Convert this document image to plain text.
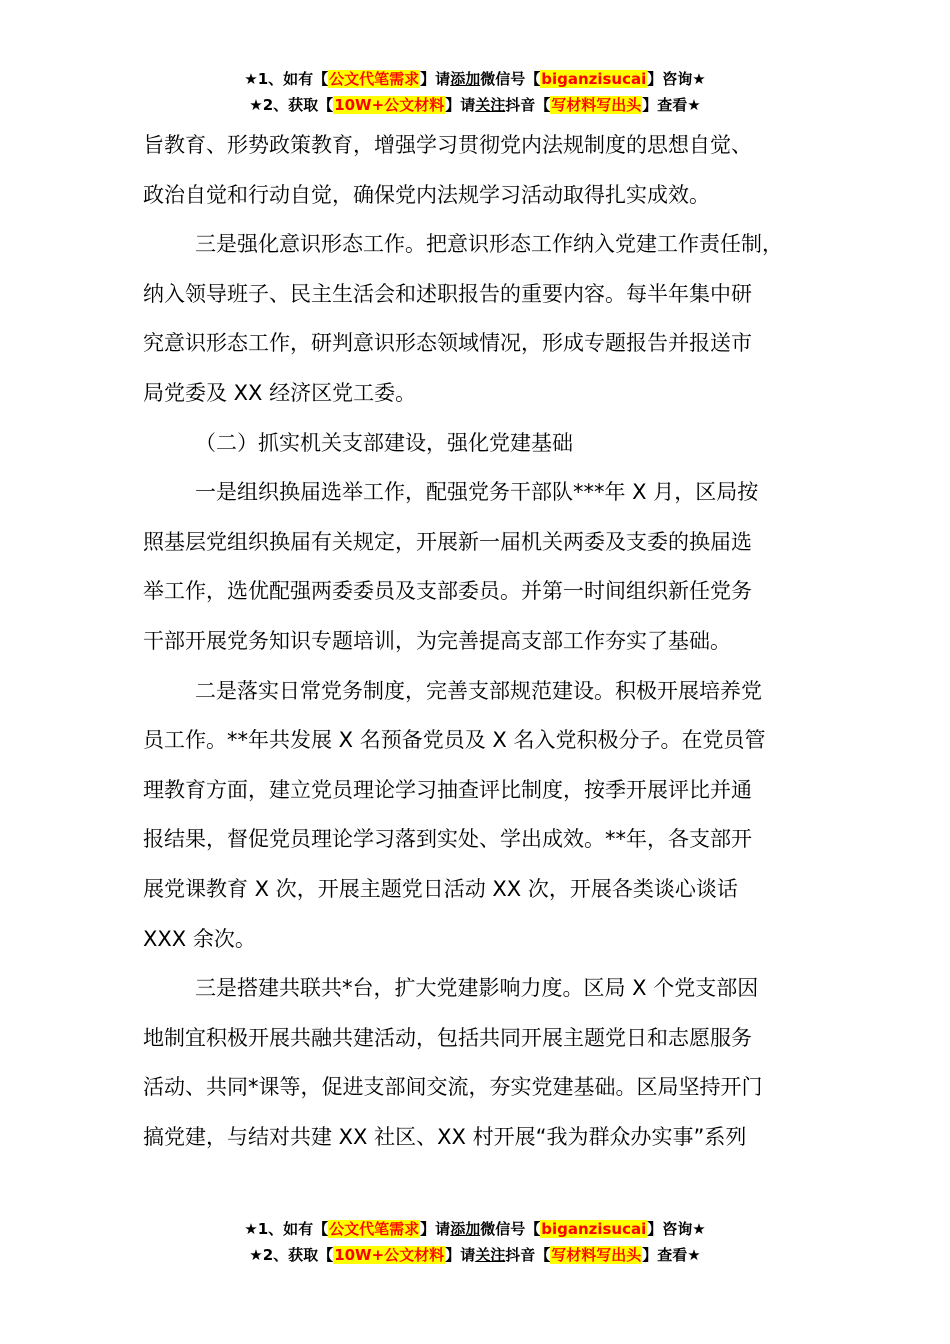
★1、如有【公文代笔需求】请添加微信号【biganzisucai】咨询★
★2、获取【10W+公文材料】请关注抖音【写材料写出头】查看★

旨教育、形势政策教育，增强学习贯彻党内法规制度的思想自觉、

政治自觉和行动自觉，确保党内法规学习活动取得扎实成效。

三是强化意识形态工作。把意识形态工作纳入党建工作责任制，

纳入领导班子、民主生活会和述职报告的重要内容。每半年集中研

究意识形态工作，研判意识形态领域情况，形成专题报告并报送市

局党委及 XX 经济区党工委。

（二）抓实机关支部建设，强化党建基础

一是组织换届选举工作，配强党务干部队***年 X 月，区局按

照基层党组织换届有关规定，开展新一届机关两委及支委的换届选

举工作，选优配强两委委员及支部委员。并第一时间组织新任党务

干部开展党务知识专题培训，为完善提高支部工作夯实了基础。

二是落实日常党务制度，完善支部规范建设。积极开展培养党

员工作。**年共发展 X 名预备党员及 X 名入党积极分子。在党员管

理教育方面，建立党员理论学习抽查评比制度，按季开展评比并通

报结果，督促党员理论学习落到实处、学出成效。**年，各支部开

展党课教育 X 次，开展主题党日活动 XX 次，开展各类谈心谈话

XXX 余次。

三是搭建共联共*台，扩大党建影响力度。区局 X 个党支部因

地制宜积极开展共融共建活动，包括共同开展主题党日和志愿服务

活动、共同*课等，促进支部间交流，夯实党建基础。区局坚持开门

搞党建，与结对共建 XX 社区、XX 村开展“我为群众办实事”系列

★1、如有【公文代笔需求】请添加微信号【biganzisucai】咨询★
★2、获取【10W+公文材料】请关注抖音【写材料写出头】查看★
